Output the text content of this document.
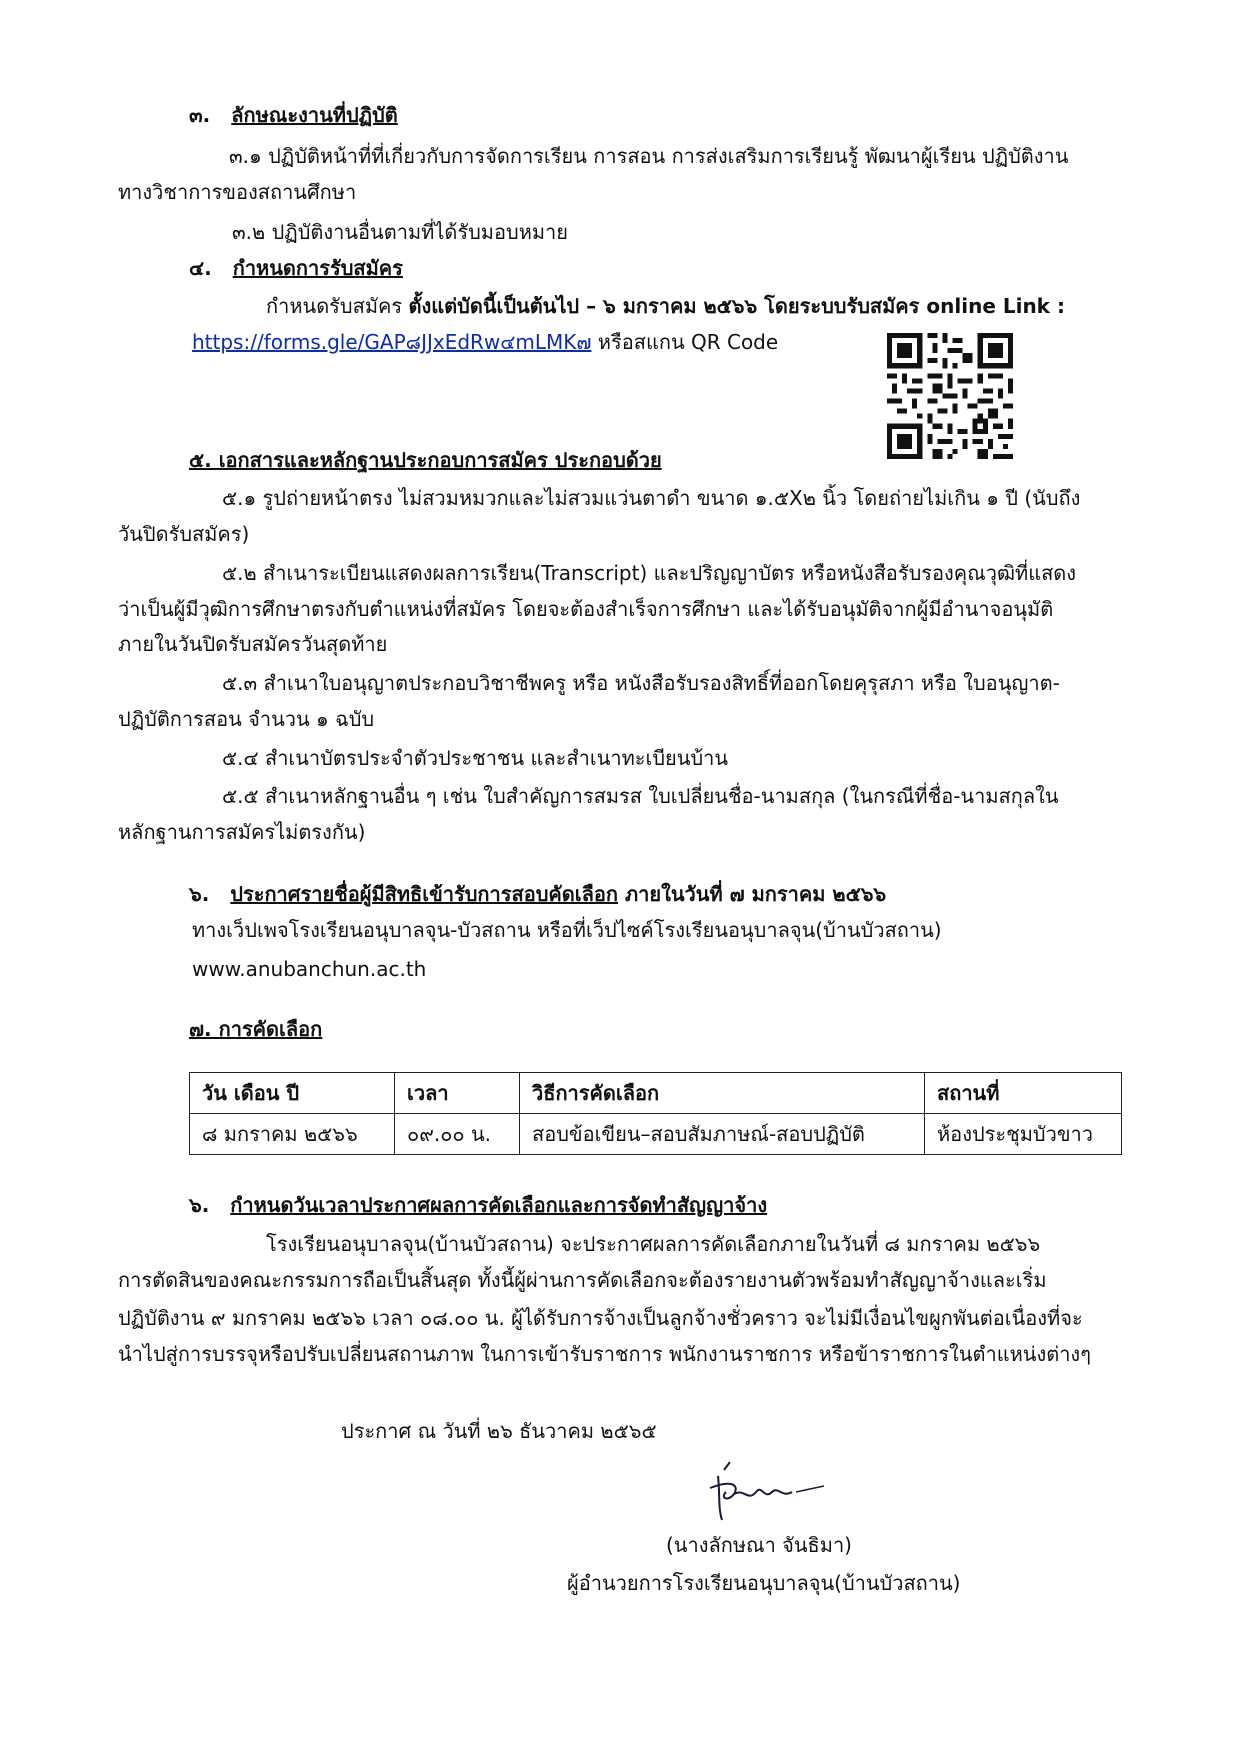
๓. ลักษณะงานที่ปฏิบัติ
๓.๑ ปฏิบัติหน้าที่ที่เกี่ยวกับการจัดการเรียน การสอน การส่งเสริมการเรียนรู้ พัฒนาผู้เรียน ปฏิบัติงาน
ทางวิชาการของสถานศึกษา
๓.๒ ปฏิบัติงานอื่นตามที่ได้รับมอบหมาย
๔. กำหนดการรับสมัคร
กำหนดรับสมัคร ตั้งแต่บัดนี้เป็นต้นไป – ๖ มกราคม ๒๕๖๖ โดยระบบรับสมัคร online Link :
https://forms.gle/GAP๘JJxEdRw๔mLMK๗ หรือสแกน QR Code
๕. เอกสารและหลักฐานประกอบการสมัคร ประกอบด้วย
๕.๑ รูปถ่ายหน้าตรง ไม่สวมหมวกและไม่สวมแว่นตาดำ ขนาด ๑.๕X๒ นิ้ว โดยถ่ายไม่เกิน ๑ ปี (นับถึง
วันปิดรับสมัคร)
๕.๒ สำเนาระเบียนแสดงผลการเรียน(Transcript) และปริญญาบัตร หรือหนังสือรับรองคุณวุฒิที่แสดง
ว่าเป็นผู้มีวุฒิการศึกษาตรงกับตำแหน่งที่สมัคร โดยจะต้องสำเร็จการศึกษา และได้รับอนุมัติจากผู้มีอำนาจอนุมัติ
ภายในวันปิดรับสมัครวันสุดท้าย
๕.๓ สำเนาใบอนุญาตประกอบวิชาชีพครู หรือ หนังสือรับรองสิทธิ์ที่ออกโดยคุรุสภา หรือ ใบอนุญาต-
ปฏิบัติการสอน จำนวน ๑ ฉบับ
๕.๔ สำเนาบัตรประจำตัวประชาชน และสำเนาทะเบียนบ้าน
๕.๕ สำเนาหลักฐานอื่น ๆ เช่น ใบสำคัญการสมรส ใบเปลี่ยนชื่อ-นามสกุล (ในกรณีที่ชื่อ-นามสกุลใน
หลักฐานการสมัครไม่ตรงกัน)
๖. ประกาศรายชื่อผู้มีสิทธิเข้ารับการสอบคัดเลือก ภายในวันที่ ๗ มกราคม ๒๕๖๖
ทางเว็ปเพจโรงเรียนอนุบาลจุน-บัวสถาน หรือที่เว็ปไซค์โรงเรียนอนุบาลจุน(บ้านบัวสถาน)
www.anubanchun.ac.th
๗. การคัดเลือก
วัน เดือน ปี	เวลา	วิธีการคัดเลือก	สถานที่
๘ มกราคม ๒๕๖๖	๐๙.๐๐ น.	สอบข้อเขียน–สอบสัมภาษณ์-สอบปฏิบัติ	ห้องประชุมบัวขาว
๖. กำหนดวันเวลาประกาศผลการคัดเลือกและการจัดทำสัญญาจ้าง
โรงเรียนอนุบาลจุน(บ้านบัวสถาน) จะประกาศผลการคัดเลือกภายในวันที่ ๘ มกราคม ๒๕๖๖
การตัดสินของคณะกรรมการถือเป็นสิ้นสุด ทั้งนี้ผู้ผ่านการคัดเลือกจะต้องรายงานตัวพร้อมทำสัญญาจ้างและเริ่ม
ปฏิบัติงาน ๙ มกราคม ๒๕๖๖ เวลา ๐๘.๐๐ น. ผู้ได้รับการจ้างเป็นลูกจ้างชั่วคราว จะไม่มีเงื่อนไขผูกพันต่อเนื่องที่จะ
นำไปสู่การบรรจุหรือปรับเปลี่ยนสถานภาพ ในการเข้ารับราชการ พนักงานราชการ หรือข้าราชการในตำแหน่งต่างๆ
ประกาศ ณ วันที่ ๒๖ ธันวาคม ๒๕๖๕
(นางลักษณา จันธิมา)
ผู้อำนวยการโรงเรียนอนุบาลจุน(บ้านบัวสถาน)
